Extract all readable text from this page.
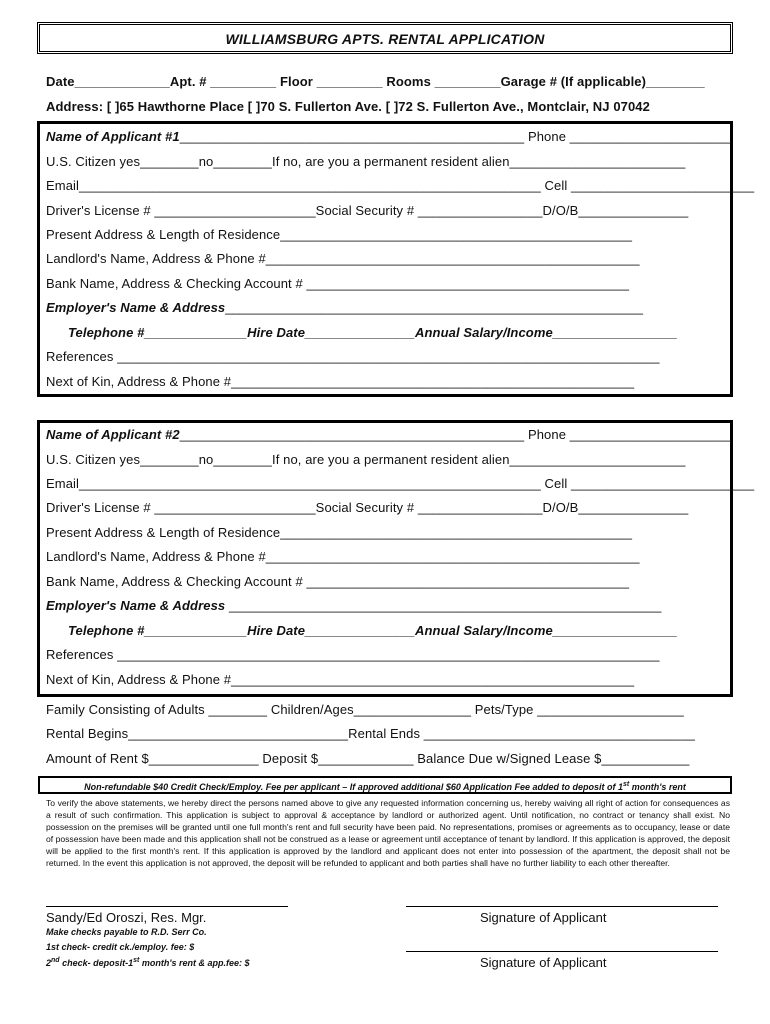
WILLIAMSBURG APTS. RENTAL APPLICATION
Date_____________Apt. # _________ Floor _________ Rooms _________Garage # (If applicable)________
Address: [ ]65 Hawthorne Place [ ]70 S. Fullerton Ave. [ ]72 S. Fullerton Ave., Montclair, NJ 07042
Name of Applicant #1_______________________________________________ Phone ______________________
U.S. Citizen yes________no________If no, are you a permanent resident alien________________________
Email_______________________________________________________________ Cell _________________________
Driver's License # ______________________Social Security # _________________D/O/B_______________
Present Address & Length of Residence________________________________________________
Landlord's Name, Address & Phone #___________________________________________________
Bank Name, Address & Checking Account # ____________________________________________
Employer's Name & Address_________________________________________________________
Telephone #______________Hire Date_______________Annual Salary/Income_________________
References __________________________________________________________________________
Next of Kin, Address & Phone #_______________________________________________________
Name of Applicant #2_______________________________________________ Phone ______________________
U.S. Citizen yes________no________If no, are you a permanent resident alien________________________
Email_______________________________________________________________ Cell _________________________
Driver's License # ______________________Social Security # _________________D/O/B_______________
Present Address & Length of Residence________________________________________________
Landlord's Name, Address & Phone #___________________________________________________
Bank Name, Address & Checking Account # ____________________________________________
Employer's Name & Address ___________________________________________________________
Telephone #______________Hire Date_______________Annual Salary/Income_________________
References __________________________________________________________________________
Next of Kin, Address & Phone #_______________________________________________________
Family Consisting of Adults ________ Children/Ages________________ Pets/Type ____________________
Rental Begins______________________________Rental Ends _____________________________________
Amount of Rent $_______________ Deposit $_____________ Balance Due w/Signed Lease $____________
Non-refundable $40 Credit Check/Employ. Fee per applicant – If approved additional $60 Application Fee added to deposit of 1st month's rent
To verify the above statements, we hereby direct the persons named above to give any requested information concerning us, hereby waiving all right of action for consequences as a result of such confirmation. This application is subject to approval & acceptance by landlord or authorized agent. Until notification, no contract or tenancy shall exist. No possession on the premises will be granted until one full month's rent and full security have been paid. No representations, promises or agreements as to occupancy, lease or date of possession have been made and this application shall not be construed as a lease or agreement until acceptance of tenant by landlord. If this application is approved, the deposit will be applied to the first month's rent. If this application is approved by the landlord and applicant does not enter into possession of the apartment, the deposit shall not be returned. In the event this application is not approved, the deposit will be refunded to applicant and both parties shall have no further liability to each other thereafter.
Sandy/Ed Oroszi, Res. Mgr.
Make checks payable to R.D. Serr Co.
1st check- credit ck./employ. fee: $
2nd check- deposit-1st month's rent & app.fee: $
Signature of Applicant
Signature of Applicant
